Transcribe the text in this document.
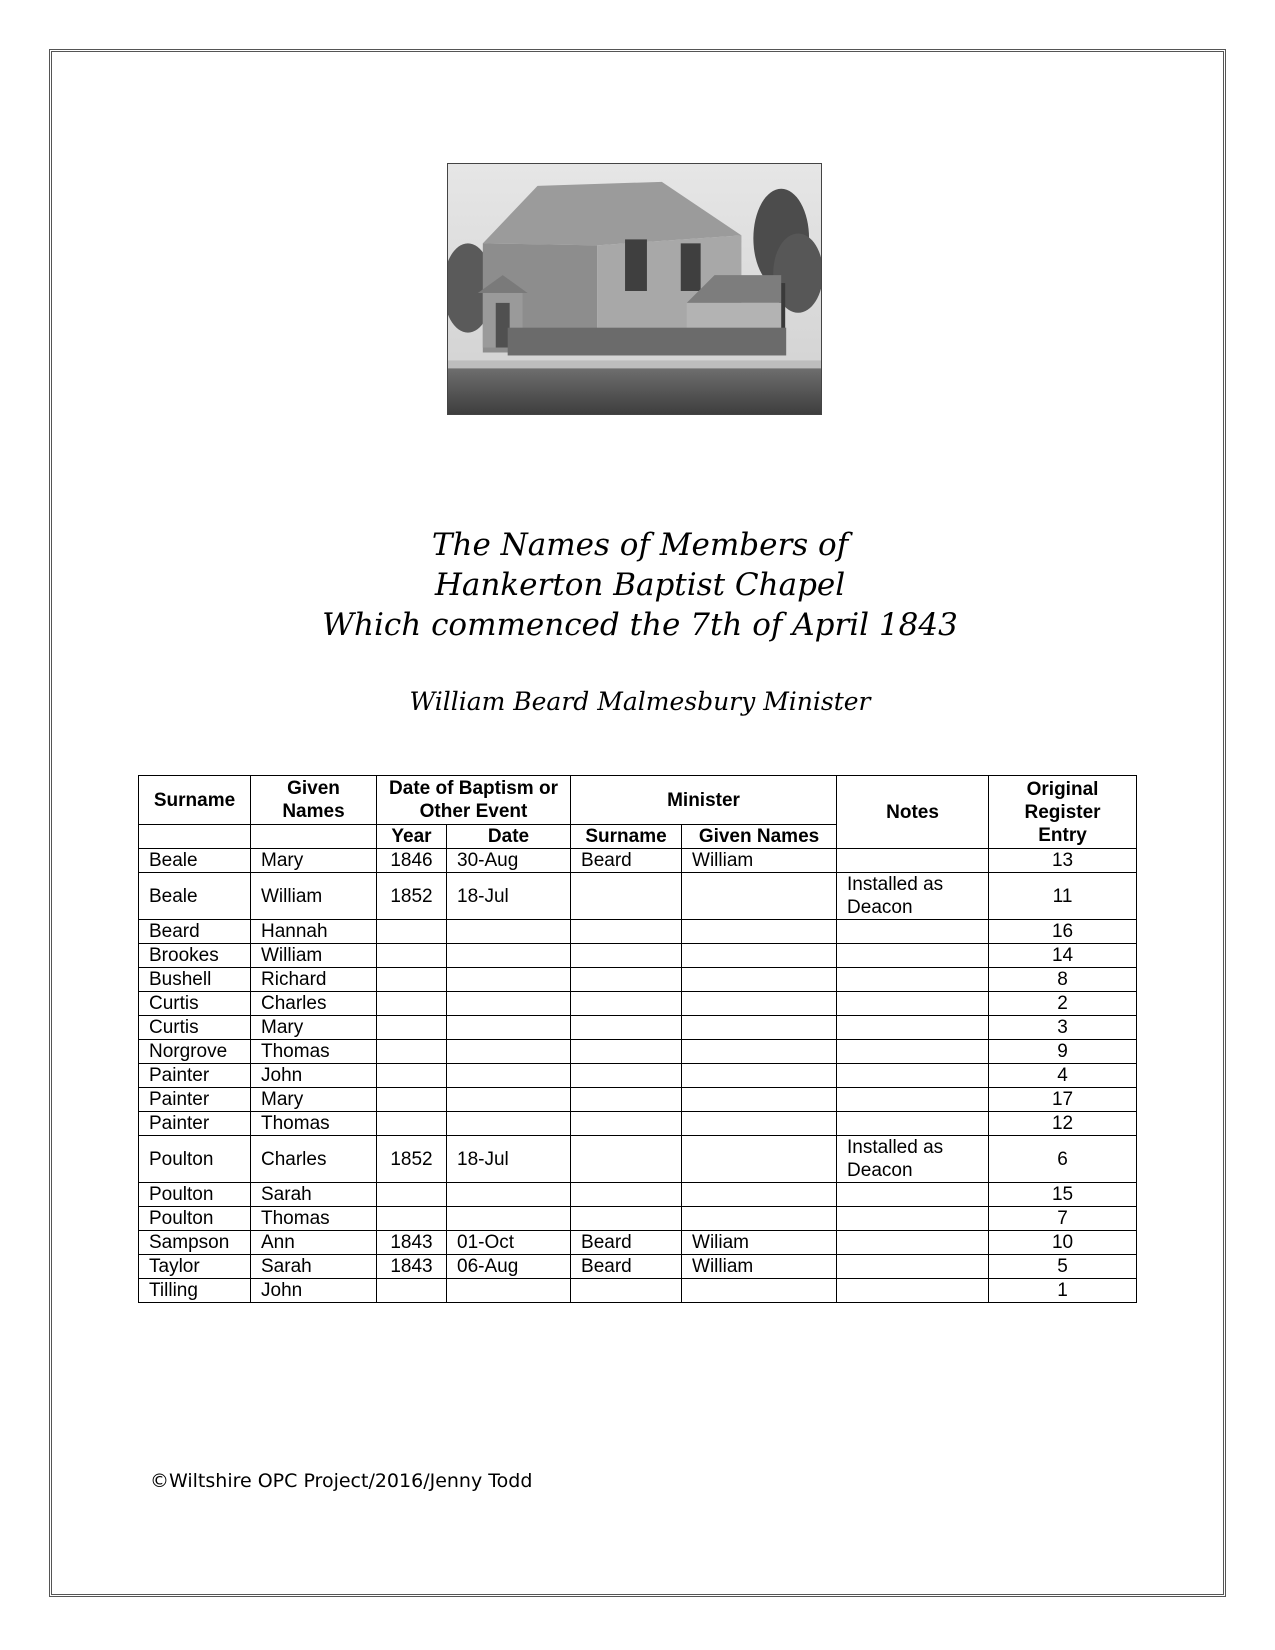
The Names of Members of
Hankerton Baptist Chapel
Which commenced the 7th of April 1843
William Beard Malmesbury Minister
Surname	Given Names	Date of Baptism or Other Event		Minister		Notes	Original Register Entry

		Year	Date	Surname	Given Names		
Beale	Mary	1846	30-Aug	Beard	William		13
Beale	William	1852	18-Jul			Installed as Deacon	11
Beard	Hannah						16
Brookes	William						14
Bushell	Richard						8
Curtis	Charles						2
Curtis	Mary						3
Norgrove	Thomas						9
Painter	John						4
Painter	Mary						17
Painter	Thomas						12
Poulton	Charles	1852	18-Jul			Installed as Deacon	6
Poulton	Sarah						15
Poulton	Thomas						7
Sampson	Ann	1843	01-Oct	Beard	Wiliam		10
Taylor	Sarah	1843	06-Aug	Beard	William		5
Tilling	John						1
©Wiltshire OPC Project/2016/Jenny Todd
